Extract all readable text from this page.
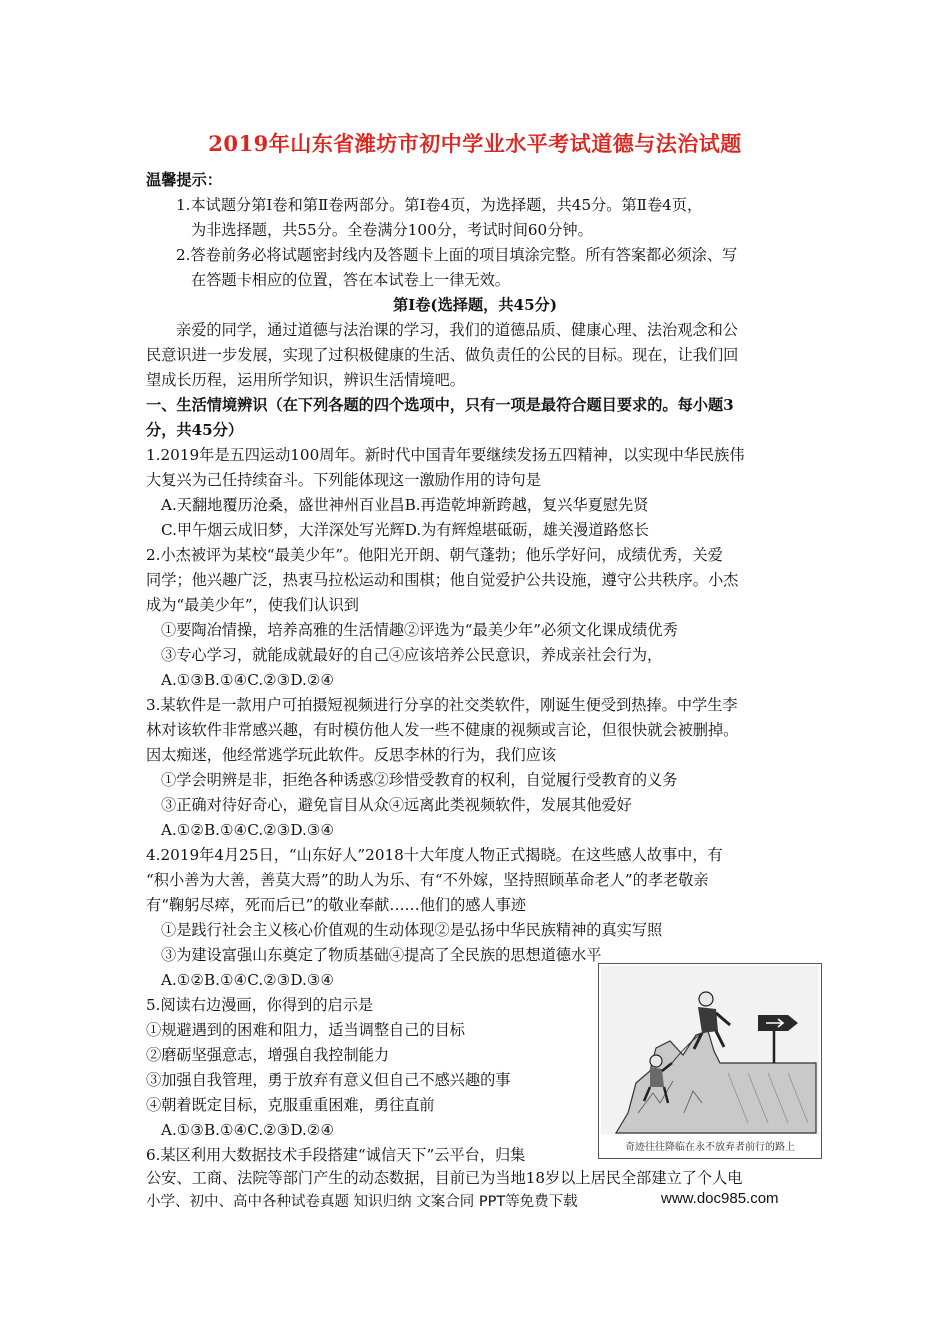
2019年山东省潍坊市初中学业水平考试道德与法治试题
温馨提示：
1.本试题分第Ⅰ卷和第Ⅱ卷两部分。第Ⅰ卷4页，为选择题，共45分。第Ⅱ卷4页，
为非选择题，共55分。全卷满分100分，考试时间60分钟。
2.答卷前务必将试题密封线内及答题卡上面的项目填涂完整。所有答案都必须涂、写
在答题卡相应的位置，答在本试卷上一律无效。
第Ⅰ卷(选择题，共45分)
亲爱的同学，通过道德与法治课的学习，我们的道德品质、健康心理、法治观念和公
民意识进一步发展，实现了过积极健康的生活、做负责任的公民的目标。现在，让我们回
望成长历程，运用所学知识，辨识生活情境吧。
一、生活情境辨识（在下列各题的四个选项中，只有一项是最符合题目要求的。每小题3
分，共45分）
1.2019年是五四运动100周年。新时代中国青年要继续发扬五四精神，以实现中华民族伟
大复兴为己任持续奋斗。下列能体现这一激励作用的诗句是
A.天翻地覆历沧桑，盛世神州百业昌B.再造乾坤新跨越，复兴华夏慰先贤
C.甲午烟云成旧梦，大洋深处写光辉D.为有辉煌堪砥砺，雄关漫道路悠长
2.小杰被评为某校“最美少年”。他阳光开朗、朝气蓬勃；他乐学好问，成绩优秀，关爱
同学；他兴趣广泛，热衷马拉松运动和围棋；他自觉爱护公共设施，遵守公共秩序。小杰
成为“最美少年”，使我们认识到
①要陶冶情操，培养高雅的生活情趣②评选为“最美少年”必须文化课成绩优秀
③专心学习，就能成就最好的自己④应该培养公民意识，养成亲社会行为，
A.①③B.①④C.②③D.②④
3.某软件是一款用户可拍摄短视频进行分享的社交类软件，刚诞生便受到热捧。中学生李
林对该软件非常感兴趣，有时模仿他人发一些不健康的视频或言论，但很快就会被删掉。
因太痴迷，他经常逃学玩此软件。反思李林的行为，我们应该
①学会明辨是非，拒绝各种诱惑②珍惜受教育的权利，自觉履行受教育的义务
③正确对待好奇心，避免盲目从众④远离此类视频软件，发展其他爱好
A.①②B.①④C.②③D.③④
4.2019年4月25日，“山东好人”2018十大年度人物正式揭晓。在这些感人故事中，有
“积小善为大善，善莫大焉”的助人为乐、有“不外嫁，坚持照顾革命老人”的孝老敬亲
有“鞠躬尽瘁，死而后已”的敬业奉献……他们的感人事迹
①是践行社会主义核心价值观的生动体现②是弘扬中华民族精神的真实写照
③为建设富强山东奠定了物质基础④提高了全民族的思想道德水平
A.①②B.①④C.②③D.③④
5.阅读右边漫画，你得到的启示是
①规避遇到的困难和阻力，适当调整自己的目标
②磨砺坚强意志，增强自我控制能力
③加强自我管理，勇于放弃有意义但自己不感兴趣的事
④朝着既定目标，克服重重困难，勇往直前
A.①③B.①④C.②③D.②④
奇迹往往降临在永不放弃者前行的路上
6.某区利用大数据技术手段搭建“诚信天下”云平台，归集
公安、工商、法院等部门产生的动态数据，目前已为当地18岁以上居民全部建立了个人电
小学、初中、高中各种试卷真题 知识归纳 文案合同 PPT等免费下载	www.doc985.com
